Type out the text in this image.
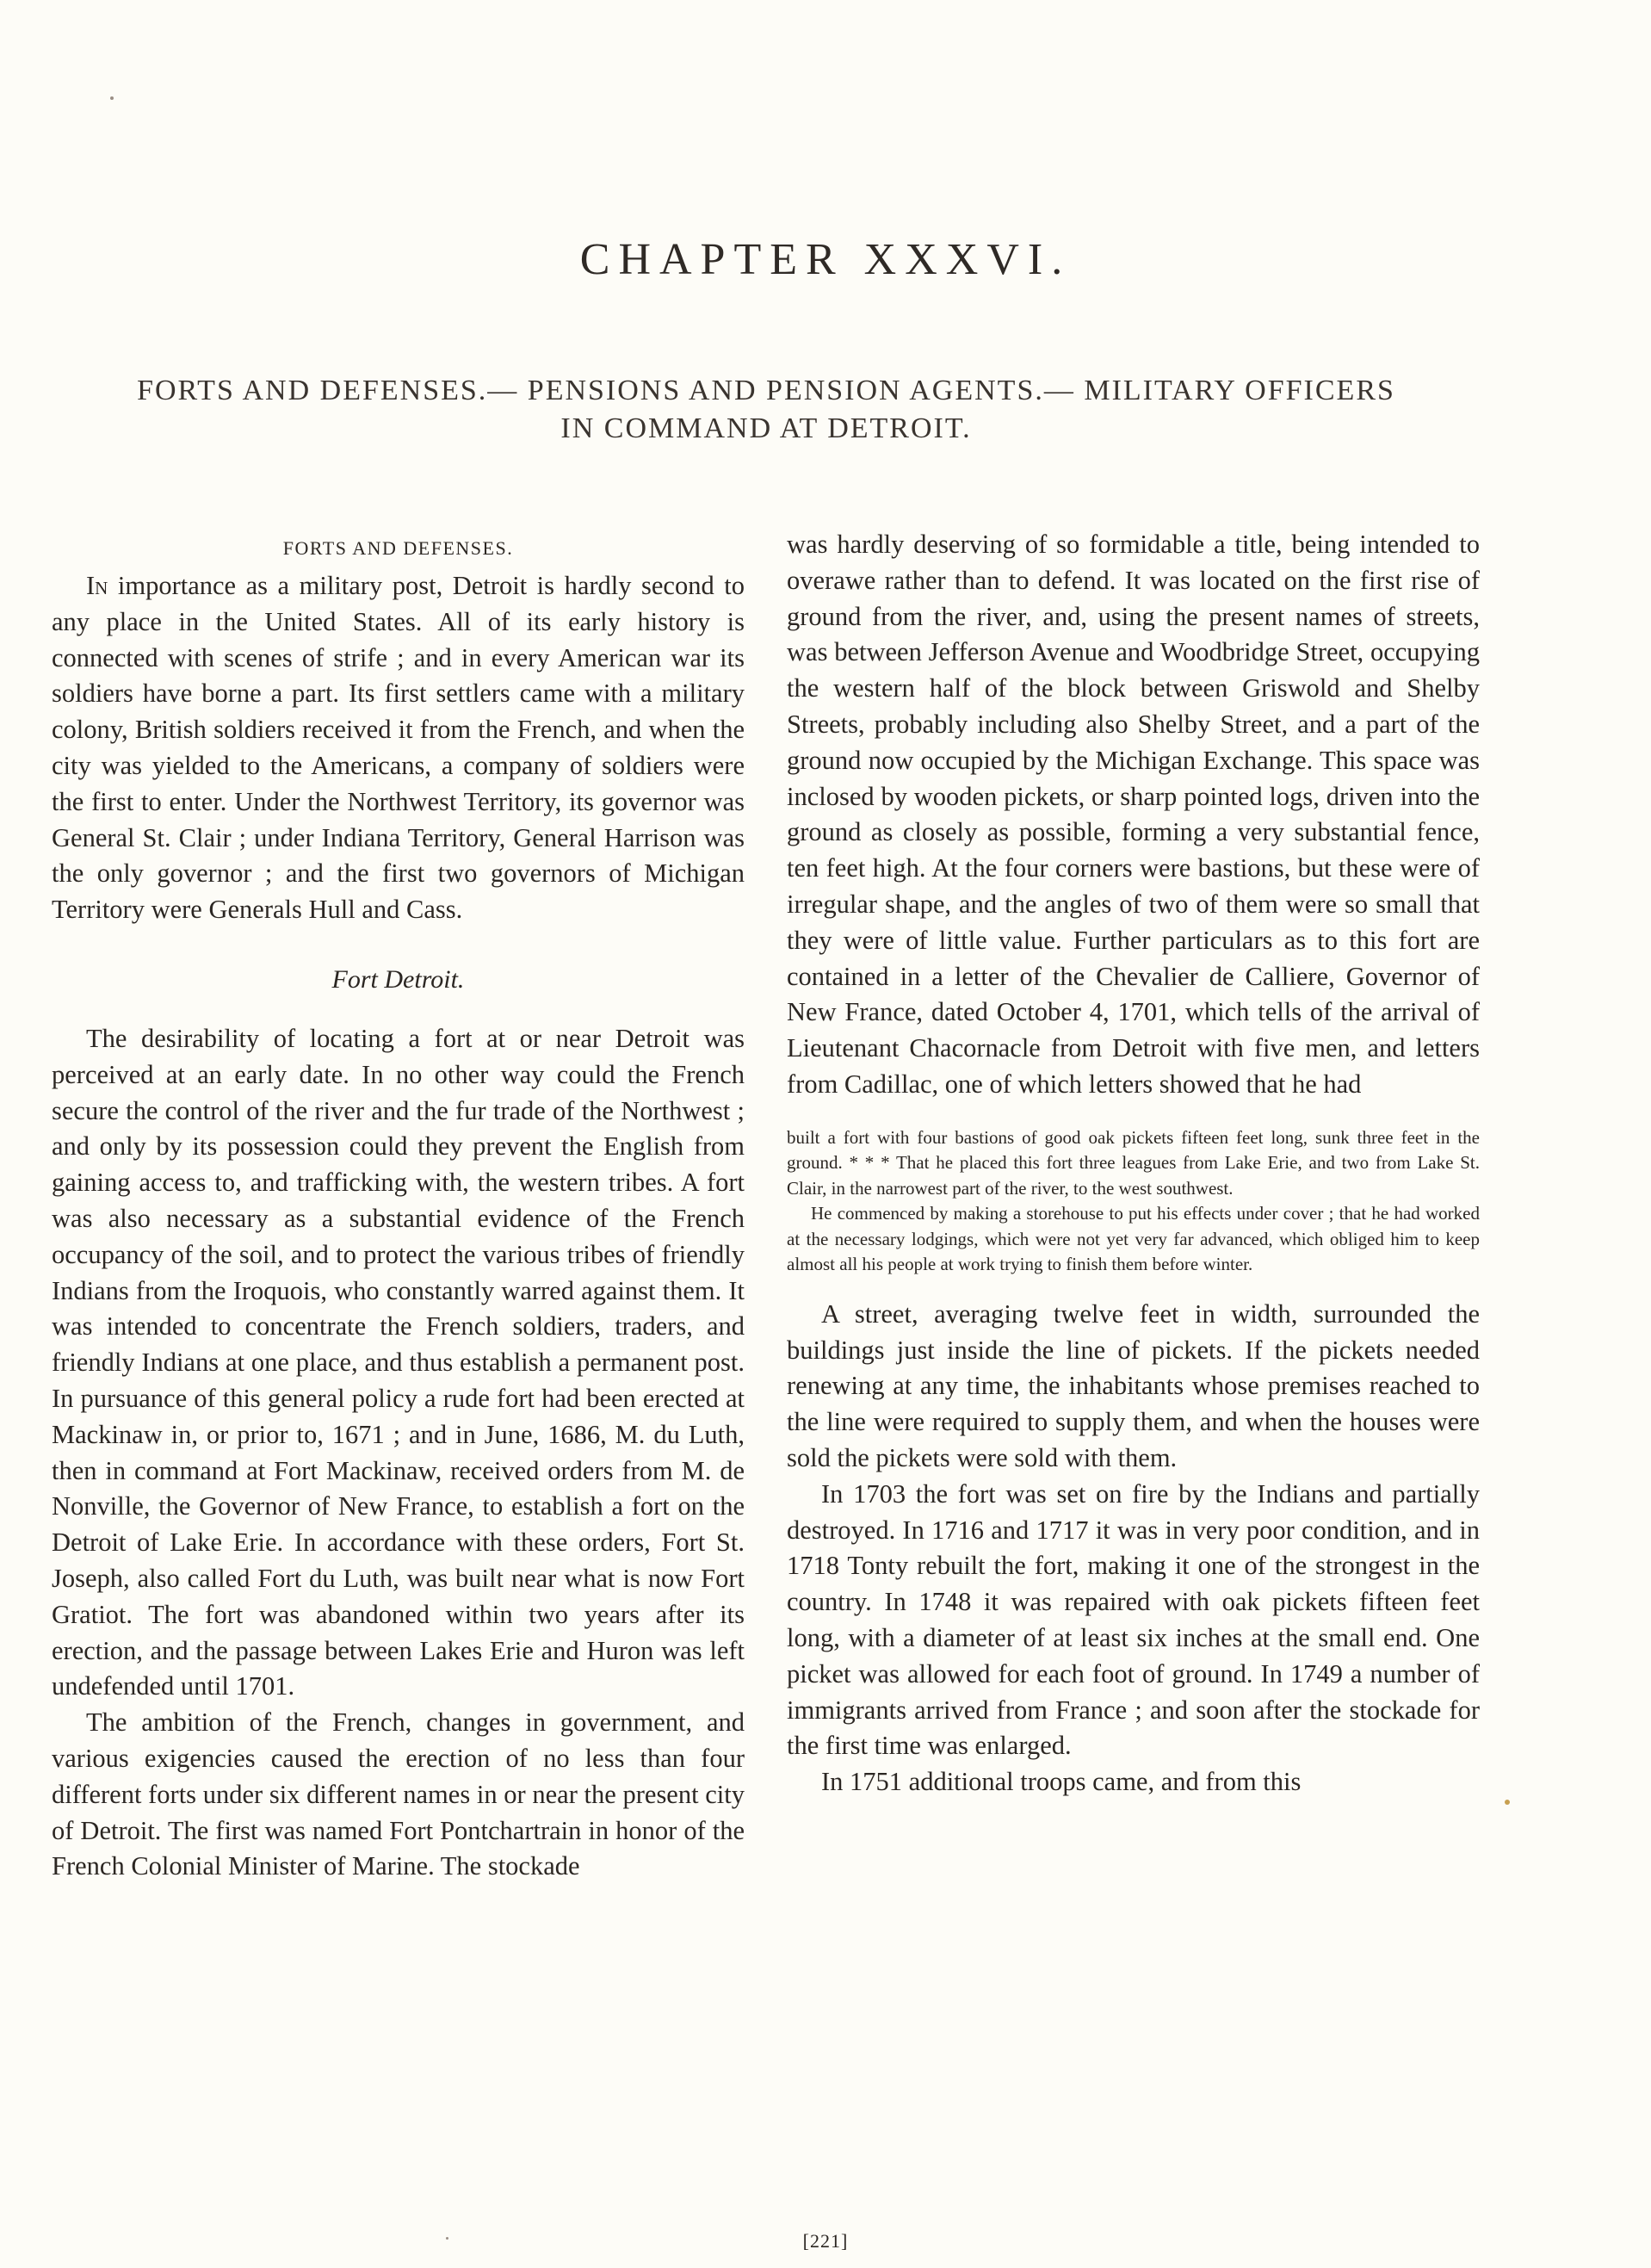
CHAPTER XXXVI.
FORTS AND DEFENSES.— PENSIONS AND PENSION AGENTS.— MILITARY OFFICERS
IN COMMAND AT DETROIT.
FORTS AND DEFENSES.

In importance as a military post, Detroit is hardly second to any place in the United States. All of its early history is connected with scenes of strife ; and in every American war its soldiers have borne a part. Its first settlers came with a military colony, British soldiers received it from the French, and when the city was yielded to the Americans, a company of soldiers were the first to enter. Under the Northwest Territory, its governor was General St. Clair ; under Indiana Territory, General Harrison was the only governor ; and the first two governors of Michigan Territory were Generals Hull and Cass.

Fort Detroit.

The desirability of locating a fort at or near Detroit was perceived at an early date. In no other way could the French secure the control of the river and the fur trade of the Northwest ; and only by its possession could they prevent the English from gaining access to, and trafficking with, the western tribes. A fort was also necessary as a substantial evidence of the French occupancy of the soil, and to protect the various tribes of friendly Indians from the Iroquois, who constantly warred against them. It was intended to concentrate the French soldiers, traders, and friendly Indians at one place, and thus establish a permanent post. In pursuance of this general policy a rude fort had been erected at Mackinaw in, or prior to, 1671 ; and in June, 1686, M. du Luth, then in command at Fort Mackinaw, received orders from M. de Nonville, the Governor of New France, to establish a fort on the Detroit of Lake Erie. In accordance with these orders, Fort St. Joseph, also called Fort du Luth, was built near what is now Fort Gratiot. The fort was abandoned within two years after its erection, and the passage between Lakes Erie and Huron was left undefended until 1701.

The ambition of the French, changes in government, and various exigencies caused the erection of no less than four different forts under six different names in or near the present city of Detroit. The first was named Fort Pontchartrain in honor of the French Colonial Minister of Marine. The stockade

was hardly deserving of so formidable a title, being intended to overawe rather than to defend. It was located on the first rise of ground from the river, and, using the present names of streets, was between Jefferson Avenue and Woodbridge Street, occupying the western half of the block between Griswold and Shelby Streets, probably including also Shelby Street, and a part of the ground now occupied by the Michigan Exchange. This space was inclosed by wooden pickets, or sharp pointed logs, driven into the ground as closely as possible, forming a very substantial fence, ten feet high. At the four corners were bastions, but these were of irregular shape, and the angles of two of them were so small that they were of little value. Further particulars as to this fort are contained in a letter of the Chevalier de Calliere, Governor of New France, dated October 4, 1701, which tells of the arrival of Lieutenant Chacornacle from Detroit with five men, and letters from Cadillac, one of which letters showed that he had

built a fort with four bastions of good oak pickets fifteen feet long, sunk three feet in the ground. * * * That he placed this fort three leagues from Lake Erie, and two from Lake St. Clair, in the narrowest part of the river, to the west southwest.

He commenced by making a storehouse to put his effects under cover ; that he had worked at the necessary lodgings, which were not yet very far advanced, which obliged him to keep almost all his people at work trying to finish them before winter.

A street, averaging twelve feet in width, surrounded the buildings just inside the line of pickets. If the pickets needed renewing at any time, the inhabitants whose premises reached to the line were required to supply them, and when the houses were sold the pickets were sold with them.

In 1703 the fort was set on fire by the Indians and partially destroyed. In 1716 and 1717 it was in very poor condition, and in 1718 Tonty rebuilt the fort, making it one of the strongest in the country. In 1748 it was repaired with oak pickets fifteen feet long, with a diameter of at least six inches at the small end. One picket was allowed for each foot of ground. In 1749 a number of immigrants arrived from France ; and soon after the stockade for the first time was enlarged.

In 1751 additional troops came, and from this

[221]
